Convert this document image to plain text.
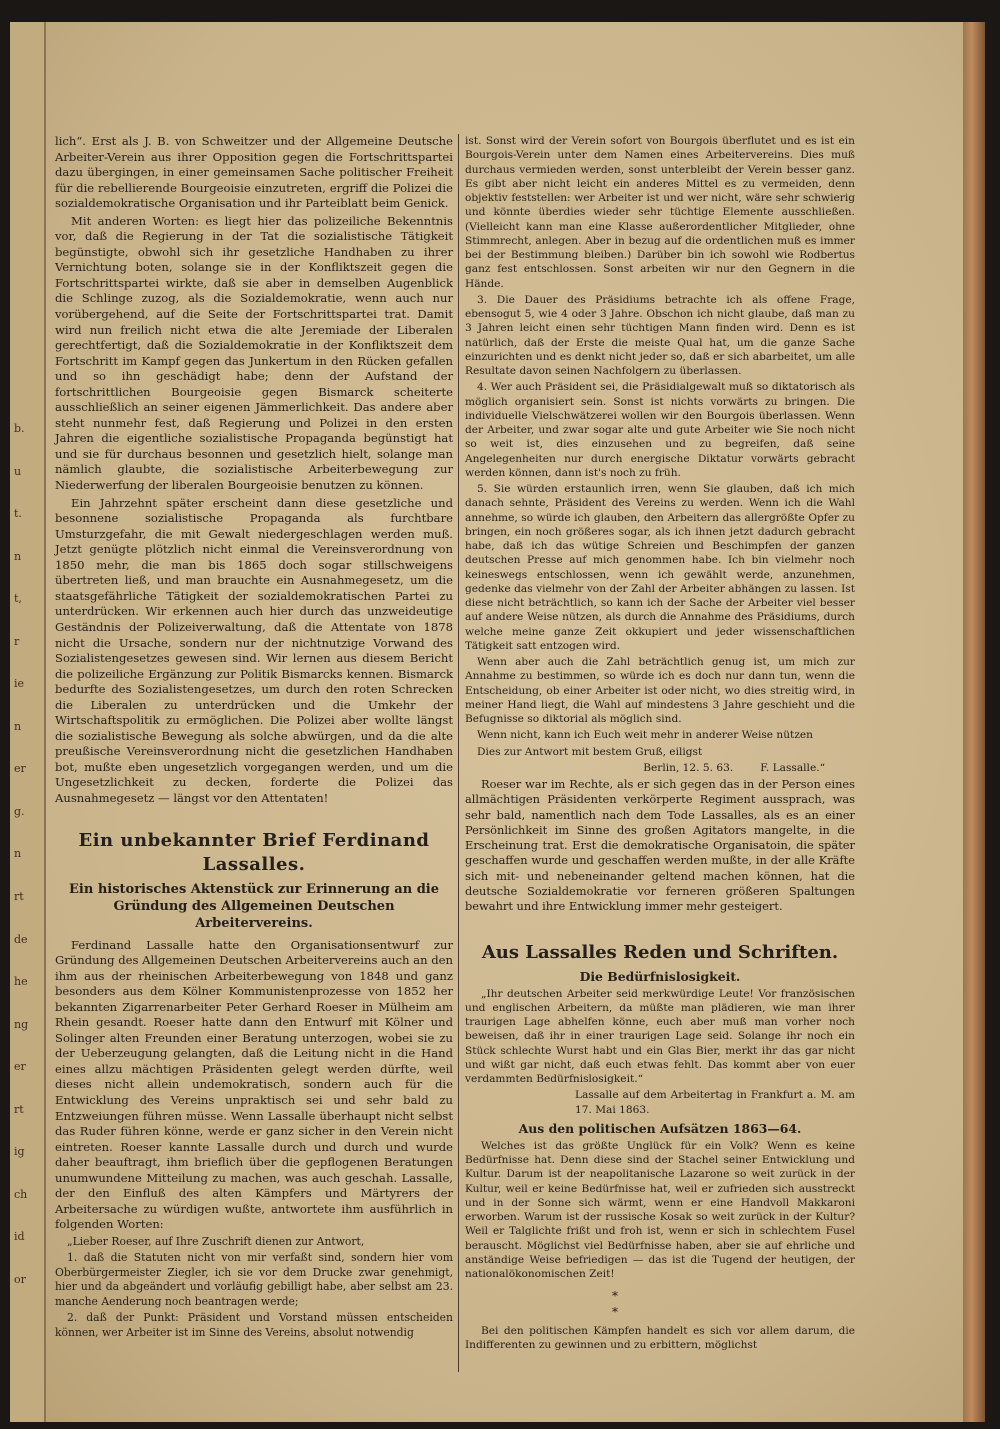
b.
u
t.
n
t,
r
ie
n
er
g.
n
rt
de
he
ng
er
rt
ig
ch
id
or

lich“. Erst als J. B. von Schweitzer und der Allgemeine Deutsche Arbeiter-Verein aus ihrer Opposition gegen die Fortschrittspartei dazu übergingen, in einer gemeinsamen Sache politischer Freiheit für die rebellierende Bourgeoisie einzutreten, ergriff die Polizei die sozialdemokratische Organisation und ihr Parteiblatt beim Genick.

Mit anderen Worten: es liegt hier das polizeiliche Bekenntnis vor, daß die Regierung in der Tat die sozialistische Tätigkeit begünstigte, obwohl sich ihr gesetzliche Handhaben zu ihrer Vernichtung boten, solange sie in der Konfliktszeit gegen die Fortschrittspartei wirkte, daß sie aber in demselben Augenblick die Schlinge zuzog, als die Sozialdemokratie, wenn auch nur vorübergehend, auf die Seite der Fortschrittspartei trat. Damit wird nun freilich nicht etwa die alte Jeremiade der Liberalen gerechtfertigt, daß die Sozialdemokratie in der Konfliktszeit dem Fortschritt im Kampf gegen das Junkertum in den Rücken gefallen und so ihn geschädigt habe; denn der Aufstand der fortschrittlichen Bourgeoisie gegen Bismarck scheiterte ausschließlich an seiner eigenen Jämmerlichkeit. Das andere aber steht nunmehr fest, daß Regierung und Polizei in den ersten Jahren die eigentliche sozialistische Propaganda begünstigt hat und sie für durchaus besonnen und gesetzlich hielt, solange man nämlich glaubte, die sozialistische Arbeiterbewegung zur Niederwerfung der liberalen Bourgeoisie benutzen zu können.

Ein Jahrzehnt später erscheint dann diese gesetzliche und besonnene sozialistische Propaganda als furchtbare Umsturzgefahr, die mit Gewalt niedergeschlagen werden muß. Jetzt genügte plötzlich nicht einmal die Vereinsverordnung von 1850 mehr, die man bis 1865 doch sogar stillschweigens übertreten ließ, und man brauchte ein Ausnahmegesetz, um die staatsgefährliche Tätigkeit der sozialdemokratischen Partei zu unterdrücken. Wir erkennen auch hier durch das unzweideutige Geständnis der Polizeiverwaltung, daß die Attentate von 1878 nicht die Ursache, sondern nur der nichtnutzige Vorwand des Sozialistengesetzes gewesen sind. Wir lernen aus diesem Bericht die polizeiliche Ergänzung zur Politik Bismarcks kennen. Bismarck bedurfte des Sozialistengesetzes, um durch den roten Schrecken die Liberalen zu unterdrücken und die Umkehr der Wirtschaftspolitik zu ermöglichen. Die Polizei aber wollte längst die sozialistische Bewegung als solche abwürgen, und da die alte preußische Vereinsverordnung nicht die gesetzlichen Handhaben bot, mußte eben ungesetzlich vorgegangen werden, und um die Ungesetzlichkeit zu decken, forderte die Polizei das Ausnahmegesetz — längst vor den Attentaten!

Ein unbekannter Brief Ferdinand Lassalles.
Ein historisches Aktenstück zur Erinnerung an die Gründung des Allgemeinen Deutschen Arbeitervereins.

Ferdinand Lassalle hatte den Organisationsentwurf zur Gründung des Allgemeinen Deutschen Arbeitervereins auch an den ihm aus der rheinischen Arbeiterbewegung von 1848 und ganz besonders aus dem Kölner Kommunistenprozesse von 1852 her bekannten Zigarrenarbeiter Peter Gerhard Roeser in Mülheim am Rhein gesandt. Roeser hatte dann den Entwurf mit Kölner und Solinger alten Freunden einer Beratung unterzogen, wobei sie zu der Ueberzeugung gelangten, daß die Leitung nicht in die Hand eines allzu mächtigen Präsidenten gelegt werden dürfte, weil dieses nicht allein undemokratisch, sondern auch für die Entwicklung des Vereins unpraktisch sei und sehr bald zu Entzweiungen führen müsse. Wenn Lassalle überhaupt nicht selbst das Ruder führen könne, werde er ganz sicher in den Verein nicht eintreten. Roeser kannte Lassalle durch und durch und wurde daher beauftragt, ihm brieflich über die gepflogenen Beratungen unumwundene Mitteilung zu machen, was auch geschah. Lassalle, der den Einfluß des alten Kämpfers und Märtyrers der Arbeitersache zu würdigen wußte, antwortete ihm ausführlich in folgenden Worten:

„Lieber Roeser, auf Ihre Zuschrift dienen zur Antwort,

1. daß die Statuten nicht von mir verfaßt sind, sondern hier vom Oberbürgermeister Ziegler, ich sie vor dem Drucke zwar genehmigt, hier und da abgeändert und vorläufig gebilligt habe, aber selbst am 23. manche Aenderung noch beantragen werde;

2. daß der Punkt: Präsident und Vorstand müssen entscheiden können, wer Arbeiter ist im Sinne des Vereins, absolut notwendig

ist. Sonst wird der Verein sofort von Bourgois überflutet und es ist ein Bourgois-Verein unter dem Namen eines Arbeitervereins. Dies muß durchaus vermieden werden, sonst unterbleibt der Verein besser ganz. Es gibt aber nicht leicht ein anderes Mittel es zu vermeiden, denn objektiv feststellen: wer Arbeiter ist und wer nicht, wäre sehr schwierig und könnte überdies wieder sehr tüchtige Elemente ausschließen. (Vielleicht kann man eine Klasse außerordentlicher Mitglieder, ohne Stimmrecht, anlegen. Aber in bezug auf die ordentlichen muß es immer bei der Bestimmung bleiben.) Darüber bin ich sowohl wie Rodbertus ganz fest entschlossen. Sonst arbeiten wir nur den Gegnern in die Hände.

3. Die Dauer des Präsidiums betrachte ich als offene Frage, ebensogut 5, wie 4 oder 3 Jahre. Obschon ich nicht glaube, daß man zu 3 Jahren leicht einen sehr tüchtigen Mann finden wird. Denn es ist natürlich, daß der Erste die meiste Qual hat, um die ganze Sache einzurichten und es denkt nicht jeder so, daß er sich abarbeitet, um alle Resultate davon seinen Nachfolgern zu überlassen.

4. Wer auch Präsident sei, die Präsidialgewalt muß so diktatorisch als möglich organisiert sein. Sonst ist nichts vorwärts zu bringen. Die individuelle Vielschwätzerei wollen wir den Bourgois überlassen. Wenn der Arbeiter, und zwar sogar alte und gute Arbeiter wie Sie noch nicht so weit ist, dies einzusehen und zu begreifen, daß seine Angelegenheiten nur durch energische Diktatur vorwärts gebracht werden können, dann ist's noch zu früh.

5. Sie würden erstaunlich irren, wenn Sie glauben, daß ich mich danach sehnte, Präsident des Vereins zu werden. Wenn ich die Wahl annehme, so würde ich glauben, den Arbeitern das allergrößte Opfer zu bringen, ein noch größeres sogar, als ich ihnen jetzt dadurch gebracht habe, daß ich das wütige Schreien und Beschimpfen der ganzen deutschen Presse auf mich genommen habe. Ich bin vielmehr noch keineswegs entschlossen, wenn ich gewählt werde, anzunehmen, gedenke das vielmehr von der Zahl der Arbeiter abhängen zu lassen. Ist diese nicht beträchtlich, so kann ich der Sache der Arbeiter viel besser auf andere Weise nützen, als durch die Annahme des Präsidiums, durch welche meine ganze Zeit okkupiert und jeder wissenschaftlichen Tätigkeit satt entzogen wird.

Wenn aber auch die Zahl beträchtlich genug ist, um mich zur Annahme zu bestimmen, so würde ich es doch nur dann tun, wenn die Entscheidung, ob einer Arbeiter ist oder nicht, wo dies streitig wird, in meiner Hand liegt, die Wahl auf mindestens 3 Jahre geschieht und die Befugnisse so diktorial als möglich sind.

Wenn nicht, kann ich Euch weit mehr in anderer Weise nützen

Dies zur Antwort mit bestem Gruß, eiligst

Berlin, 12. 5. 63.	F. Lassalle.“

Roeser war im Rechte, als er sich gegen das in der Person eines allmächtigen Präsidenten verkörperte Regiment aussprach, was sehr bald, namentlich nach dem Tode Lassalles, als es an einer Persönlichkeit im Sinne des großen Agitators mangelte, in die Erscheinung trat. Erst die demokratische Organisatoin, die später geschaffen wurde und geschaffen werden mußte, in der alle Kräfte sich mit- und nebeneinander geltend machen können, hat die deutsche Sozialdemokratie vor ferneren größeren Spaltungen bewahrt und ihre Entwicklung immer mehr gesteigert.

Aus Lassalles Reden und Schriften.
Die Bedürfnislosigkeit.

„Ihr deutschen Arbeiter seid merkwürdige Leute! Vor französischen und englischen Arbeitern, da müßte man plädieren, wie man ihrer traurigen Lage abhelfen könne, euch aber muß man vorher noch beweisen, daß ihr in einer traurigen Lage seid. Solange ihr noch ein Stück schlechte Wurst habt und ein Glas Bier, merkt ihr das gar nicht und wißt gar nicht, daß euch etwas fehlt. Das kommt aber von euer verdammten Bedürfnislosigkeit.“

Lassalle auf dem Arbeitertag in Frankfurt a. M. am 17. Mai 1863.

Aus den politischen Aufsätzen 1863—64.

Welches ist das größte Unglück für ein Volk? Wenn es keine Bedürfnisse hat. Denn diese sind der Stachel seiner Entwicklung und Kultur. Darum ist der neapolitanische Lazarone so weit zurück in der Kultur, weil er keine Bedürfnisse hat, weil er zufrieden sich ausstreckt und in der Sonne sich wärmt, wenn er eine Handvoll Makkaroni erworben. Warum ist der russische Kosak so weit zurück in der Kultur? Weil er Talglichte frißt und froh ist, wenn er sich in schlechtem Fusel berauscht. Möglichst viel Bedürfnisse haben, aber sie auf ehrliche und anständige Weise befriedigen — das ist die Tugend der heutigen, der nationalökonomischen Zeit!

* *

Bei den politischen Kämpfen handelt es sich vor allem darum, die Indifferenten zu gewinnen und zu erbittern, möglichst
